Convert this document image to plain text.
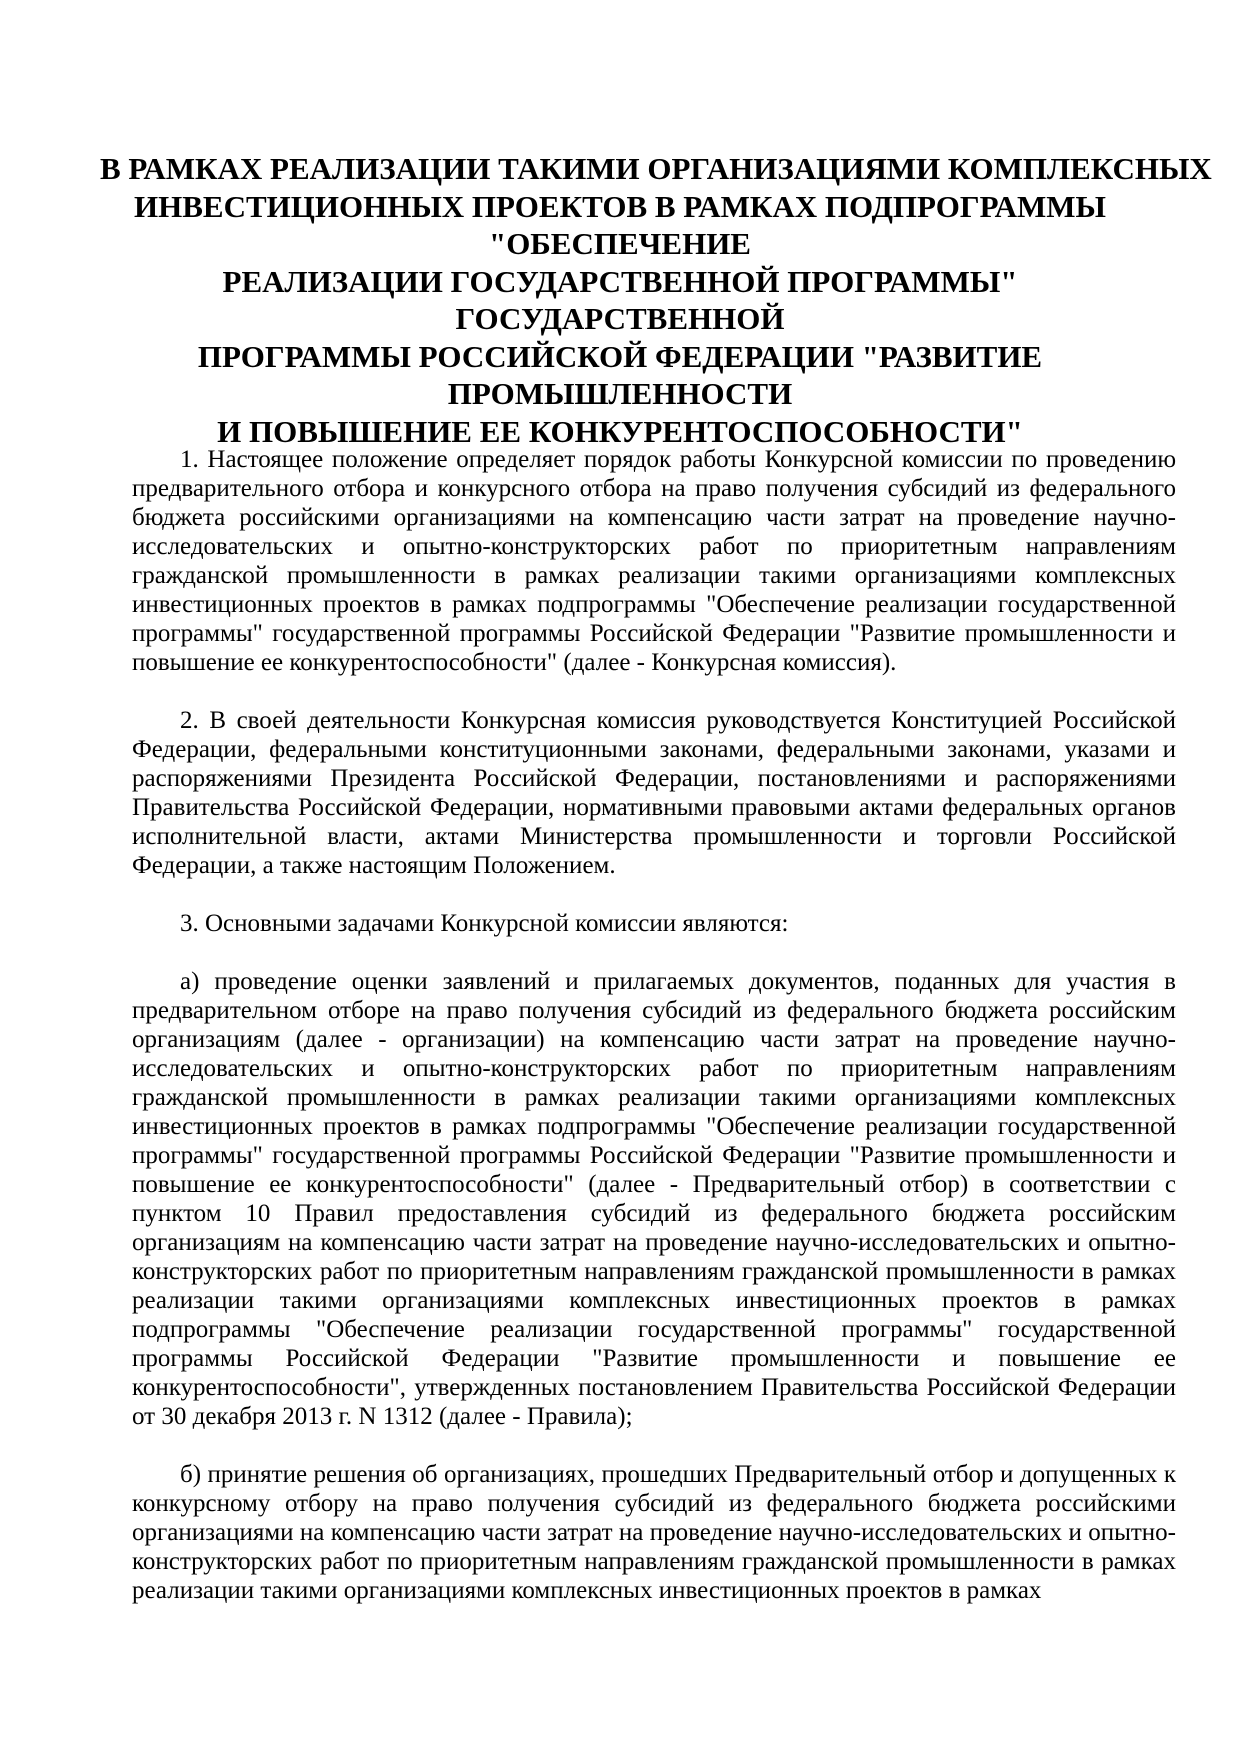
В РАМКАХ РЕАЛИЗАЦИИ ТАКИМИ ОРГАНИЗАЦИЯМИ КОМПЛЕКСНЫХ
ИНВЕСТИЦИОННЫХ ПРОЕКТОВ В РАМКАХ ПОДПРОГРАММЫ
"ОБЕСПЕЧЕНИЕ
РЕАЛИЗАЦИИ ГОСУДАРСТВЕННОЙ ПРОГРАММЫ"
ГОСУДАРСТВЕННОЙ
ПРОГРАММЫ РОССИЙСКОЙ ФЕДЕРАЦИИ "РАЗВИТИЕ
ПРОМЫШЛЕННОСТИ
И ПОВЫШЕНИЕ ЕЕ КОНКУРЕНТОСПОСОБНОСТИ"

1. Настоящее положение определяет порядок работы Конкурсной комиссии по проведению предварительного отбора и конкурсного отбора на право получения субсидий из федерального бюджета российскими организациями на компенсацию части затрат на проведение научно-исследовательских и опытно-конструкторских работ по приоритетным направлениям гражданской промышленности в рамках реализации такими организациями комплексных инвестиционных проектов в рамках подпрограммы "Обеспечение реализации государственной программы" государственной программы Российской Федерации "Развитие промышленности и повышение ее конкурентоспособности" (далее - Конкурсная комиссия).

2. В своей деятельности Конкурсная комиссия руководствуется Конституцией Российской Федерации, федеральными конституционными законами, федеральными законами, указами и распоряжениями Президента Российской Федерации, постановлениями и распоряжениями Правительства Российской Федерации, нормативными правовыми актами федеральных органов исполнительной власти, актами Министерства промышленности и торговли Российской Федерации, а также настоящим Положением.

3. Основными задачами Конкурсной комиссии являются:

а) проведение оценки заявлений и прилагаемых документов, поданных для участия в предварительном отборе на право получения субсидий из федерального бюджета российским организациям (далее - организации) на компенсацию части затрат на проведение научно-исследовательских и опытно-конструкторских работ по приоритетным направлениям гражданской промышленности в рамках реализации такими организациями комплексных инвестиционных проектов в рамках подпрограммы "Обеспечение реализации государственной программы" государственной программы Российской Федерации "Развитие промышленности и повышение ее конкурентоспособности" (далее - Предварительный отбор) в соответствии с пунктом 10 Правил предоставления субсидий из федерального бюджета российским организациям на компенсацию части затрат на проведение научно-исследовательских и опытно-конструкторских работ по приоритетным направлениям гражданской промышленности в рамках реализации такими организациями комплексных инвестиционных проектов в рамках подпрограммы "Обеспечение реализации государственной программы" государственной программы Российской Федерации "Развитие промышленности и повышение ее конкурентоспособности", утвержденных постановлением Правительства Российской Федерации от 30 декабря 2013 г. N 1312 (далее - Правила);

б) принятие решения об организациях, прошедших Предварительный отбор и допущенных к конкурсному отбору на право получения субсидий из федерального бюджета российскими организациями на компенсацию части затрат на проведение научно-исследовательских и опытно-конструкторских работ по приоритетным направлениям гражданской промышленности в рамках реализации такими организациями комплексных инвестиционных проектов в рамках
